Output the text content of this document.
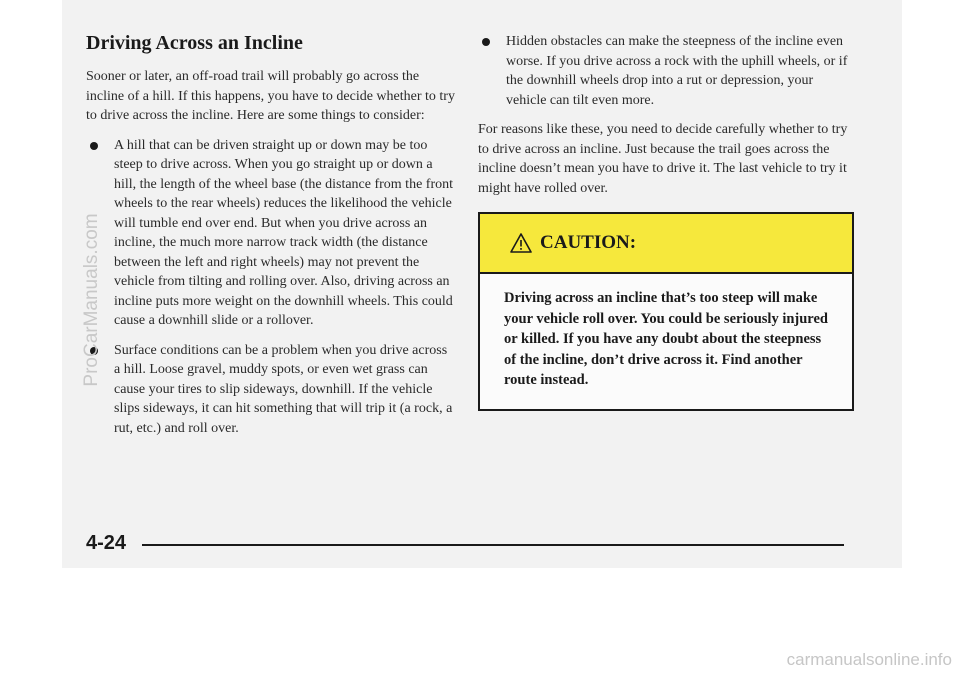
Driving Across an Incline

Sooner or later, an off-road trail will probably go across the incline of a hill. If this happens, you have to decide whether to try to drive across the incline. Here are some things to consider:

A hill that can be driven straight up or down may be too steep to drive across. When you go straight up or down a hill, the length of the wheel base (the distance from the front wheels to the rear wheels) reduces the likelihood the vehicle will tumble end over end. But when you drive across an incline, the much more narrow track width (the distance between the left and right wheels) may not prevent the vehicle from tilting and rolling over. Also, driving across an incline puts more weight on the downhill wheels. This could cause a downhill slide or a rollover.
Surface conditions can be a problem when you drive across a hill. Loose gravel, muddy spots, or even wet grass can cause your tires to slip sideways, downhill. If the vehicle slips sideways, it can hit something that will trip it (a rock, a rut, etc.) and roll over.
Hidden obstacles can make the steepness of the incline even worse. If you drive across a rock with the uphill wheels, or if the downhill wheels drop into a rut or depression, your vehicle can tilt even more.

For reasons like these, you need to decide carefully whether to try to drive across an incline. Just because the trail goes across the incline doesn’t mean you have to drive it. The last vehicle to try it might have rolled over.

CAUTION:
Driving across an incline that’s too steep will make your vehicle roll over. You could be seriously injured or killed. If you have any doubt about the steepness of the incline, don’t drive across it. Find another route instead.
4-24
ProCarManuals.com
carmanualsonline.info
